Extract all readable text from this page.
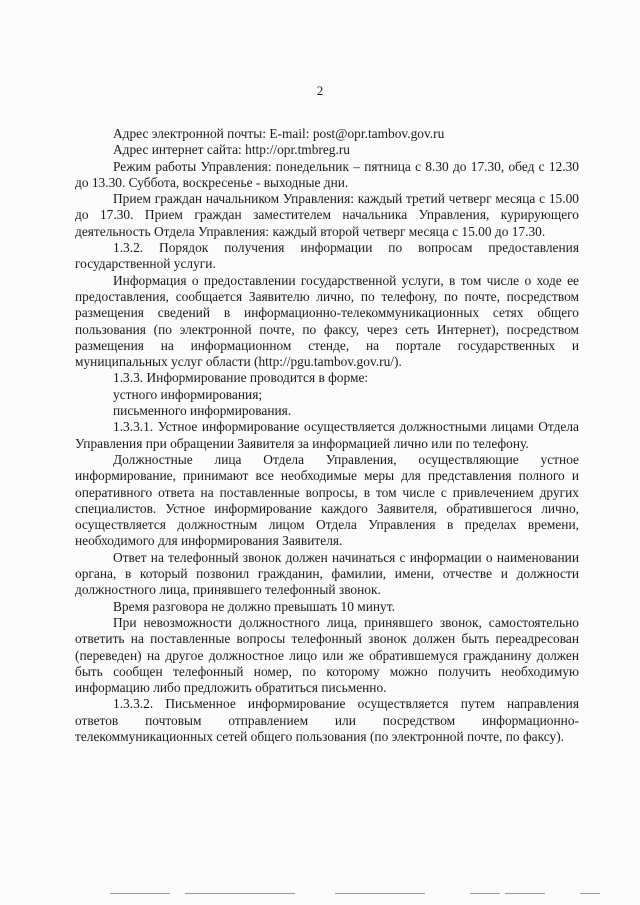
2

Адрес электронной почты: E-mail: post@opr.tambov.gov.ru

Адрес интернет сайта: http://opr.tmbreg.ru

Режим работы Управления: понедельник – пятница с 8.30 до 17.30, обед с 12.30 до 13.30. Суббота, воскресенье - выходные дни.

Прием граждан начальником Управления: каждый третий четверг месяца с 15.00 до 17.30. Прием граждан заместителем начальника Управления, курирующего деятельность Отдела Управления: каждый второй четверг месяца с 15.00 до 17.30.

1.3.2. Порядок получения информации по вопросам предоставления государственной услуги.

Информация о предоставлении государственной услуги, в том числе о ходе ее предоставления, сообщается Заявителю лично, по телефону, по почте, посредством размещения сведений в информационно-телекоммуникационных сетях общего пользования (по электронной почте, по факсу, через сеть Интернет), посредством размещения на информационном стенде, на портале государственных и муниципальных услуг области (http://pgu.tambov.gov.ru/).

1.3.3. Информирование проводится в форме:

устного информирования;

письменного информирования.

1.3.3.1. Устное информирование осуществляется должностными лицами Отдела Управления при обращении Заявителя за информацией лично или по телефону.

Должностные лица Отдела Управления, осуществляющие устное информирование, принимают все необходимые меры для представления полного и оперативного ответа на поставленные вопросы, в том числе с привлечением других специалистов. Устное информирование каждого Заявителя, обратившегося лично, осуществляется должностным лицом Отдела Управления в пределах времени, необходимого для информирования Заявителя.

Ответ на телефонный звонок должен начинаться с информации о наименовании органа, в который позвонил гражданин, фамилии, имени, отчестве и должности должностного лица, принявшего телефонный звонок.

Время разговора не должно превышать 10 минут.

При невозможности должностного лица, принявшего звонок, самостоятельно ответить на поставленные вопросы телефонный звонок должен быть переадресован (переведен) на другое должностное лицо или же обратившемуся гражданину должен быть сообщен телефонный номер, по которому можно получить необходимую информацию либо предложить обратиться письменно.

1.3.3.2. Письменное информирование осуществляется путем направления ответов почтовым отправлением или посредством информационно-телекоммуникационных сетей общего пользования (по электронной почте, по факсу).
